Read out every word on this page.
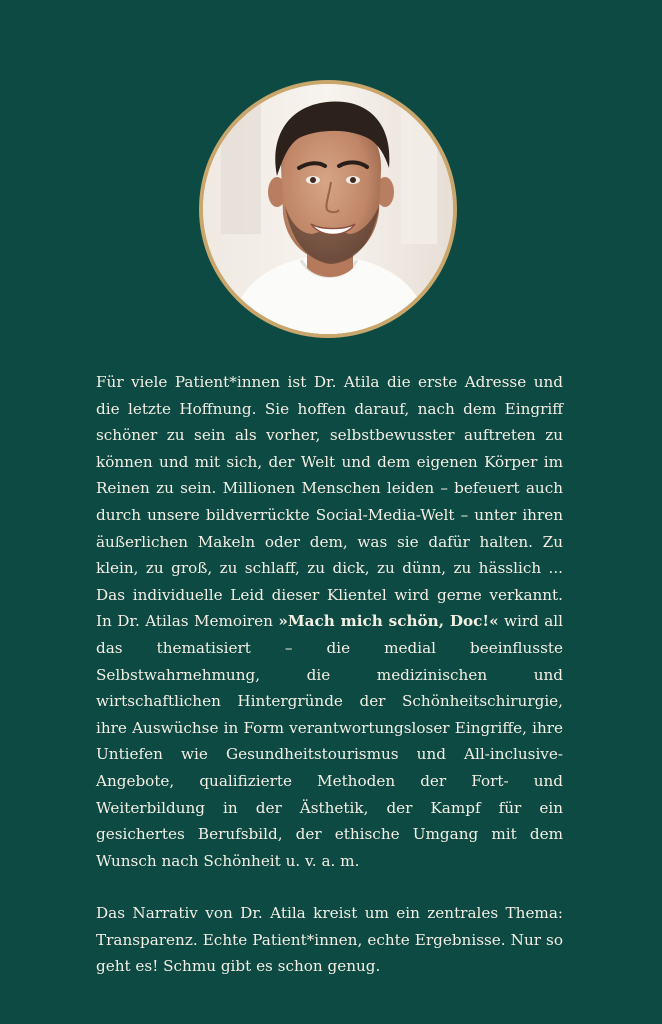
Für viele Patient*innen ist Dr. Atila die erste Adresse und die letzte Hoffnung. Sie hoffen darauf, nach dem Eingriff schöner zu sein als vorher, selbstbewusster auftreten zu können und mit sich, der Welt und dem eigenen Körper im Reinen zu sein. Millionen Menschen leiden – befeuert auch durch unsere bildverrückte Social-Media-Welt – unter ihren äußerlichen Makeln oder dem, was sie dafür halten. Zu klein, zu groß, zu schlaff, zu dick, zu dünn, zu hässlich ... Das individuelle Leid dieser Klientel wird gerne verkannt. In Dr. Atilas Memoiren »Mach mich schön, Doc!« wird all das thematisiert – die medial beeinflusste Selbstwahrnehmung, die medizinischen und wirtschaftlichen Hintergründe der Schönheitschirurgie, ihre Auswüchse in Form verantwortungsloser Eingriffe, ihre Untiefen wie Gesundheitstourismus und All-inclusive-Angebote, qualifizierte Methoden der Fort- und Weiterbildung in der Ästhetik, der Kampf für ein gesichertes Berufsbild, der ethische Umgang mit dem Wunsch nach Schönheit u. v. a. m.

Das Narrativ von Dr. Atila kreist um ein zentrales Thema: Transparenz. Echte Patient*innen, echte Ergebnisse. Nur so geht es! Schmu gibt es schon genug.
